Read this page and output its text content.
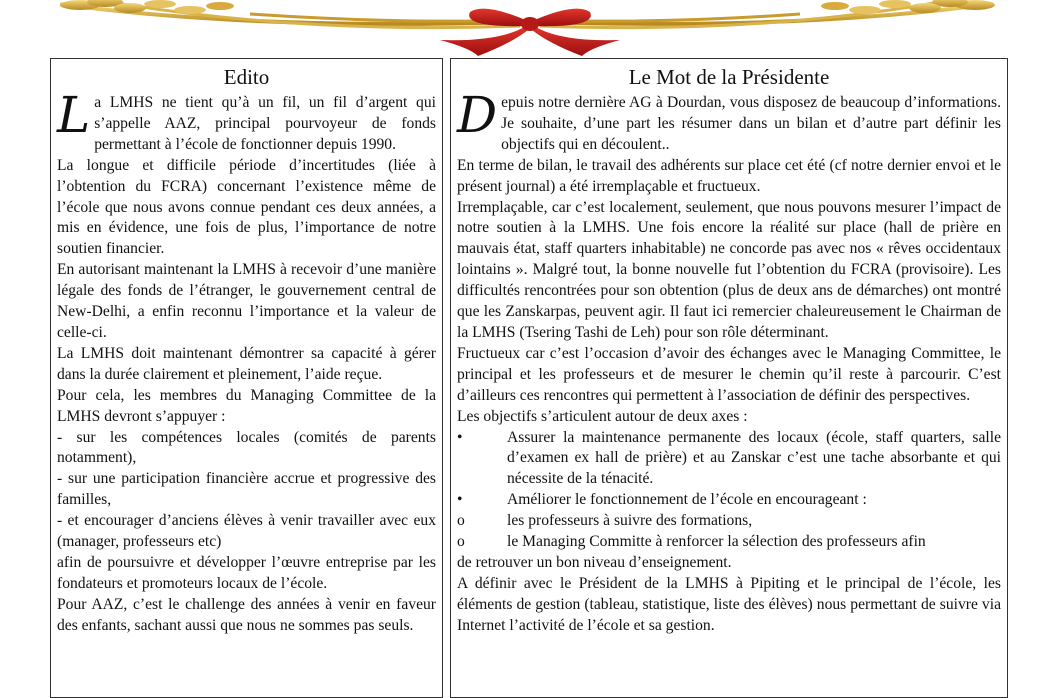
Edito

L a LMHS ne tient qu’à un fil, un fil d’argent qui s’appelle AAZ, principal pourvoyeur de fonds permettant à l’école de fonctionner depuis 1990.

La longue et difficile période d’incertitudes (liée à l’obtention du FCRA) concernant l’existence même de l’école que nous avons connue pendant ces deux années, a mis en évidence, une fois de plus, l’importance de notre soutien financier.

En autorisant maintenant la LMHS à recevoir d’une manière légale des fonds de l’étranger, le gouvernement central de New-Delhi, a enfin reconnu l’importance et la valeur de celle-ci.

La LMHS doit maintenant démontrer sa capacité à gérer dans la durée clairement et pleinement, l’aide reçue.

Pour cela, les membres du Managing Committee de la LMHS devront s’appuyer :

- sur les compétences locales (comités de parents notamment),

- sur une participation financière accrue et progressive des familles,

- et encourager d’anciens élèves à venir travailler avec eux (manager, professeurs etc)

afin de poursuivre et développer l’œuvre entreprise par les fondateurs et promoteurs locaux de l’école.

Pour AAZ, c’est le challenge des années à venir en faveur des enfants, sachant aussi que nous ne sommes pas seuls.

Le Mot de la Présidente

D epuis notre dernière AG à Dourdan, vous disposez de beaucoup d’informations. Je souhaite, d’une part les résumer dans un bilan et d’autre part définir les objectifs qui en découlent..

En terme de bilan, le travail des adhérents sur place cet été (cf notre dernier envoi et le présent journal) a été irremplaçable et fructueux.

Irremplaçable, car c’est localement, seulement, que nous pouvons mesurer l’impact de notre soutien à la LMHS. Une fois encore la réalité sur place (hall de prière en mauvais état, staff quarters inhabitable) ne concorde pas avec nos « rêves occidentaux lointains ». Malgré tout, la bonne nouvelle fut l’obtention du FCRA (provisoire). Les difficultés rencontrées pour son obtention (plus de deux ans de démarches) ont montré que les Zanskarpas, peuvent agir. Il faut ici remercier chaleureusement le Chairman de la LMHS (Tsering Tashi de Leh) pour son rôle déterminant.

Fructueux car c’est l’occasion d’avoir des échanges avec le Managing Committee, le principal et les professeurs et de mesurer le chemin qu’il reste à parcourir. C’est d’ailleurs ces rencontres qui permettent à l’association de définir des perspectives.

Les objectifs s’articulent autour de deux axes :

•	Assurer la maintenance permanente des locaux (école, staff quarters, salle d’examen ex hall de prière) et au Zanskar c’est une tache absorbante et qui nécessite de la ténacité.
•	Améliorer le fonctionnement de l’école en encourageant :
o	les professeurs à suivre des formations,
o	le Managing Committe à renforcer la sélection des professeurs afin

de retrouver un bon niveau d’enseignement.

A définir avec le Président de la LMHS à Pipiting et le principal de l’école, les éléments de gestion (tableau, statistique, liste des élèves) nous permettant de suivre via Internet l’activité de l’école et sa gestion.
